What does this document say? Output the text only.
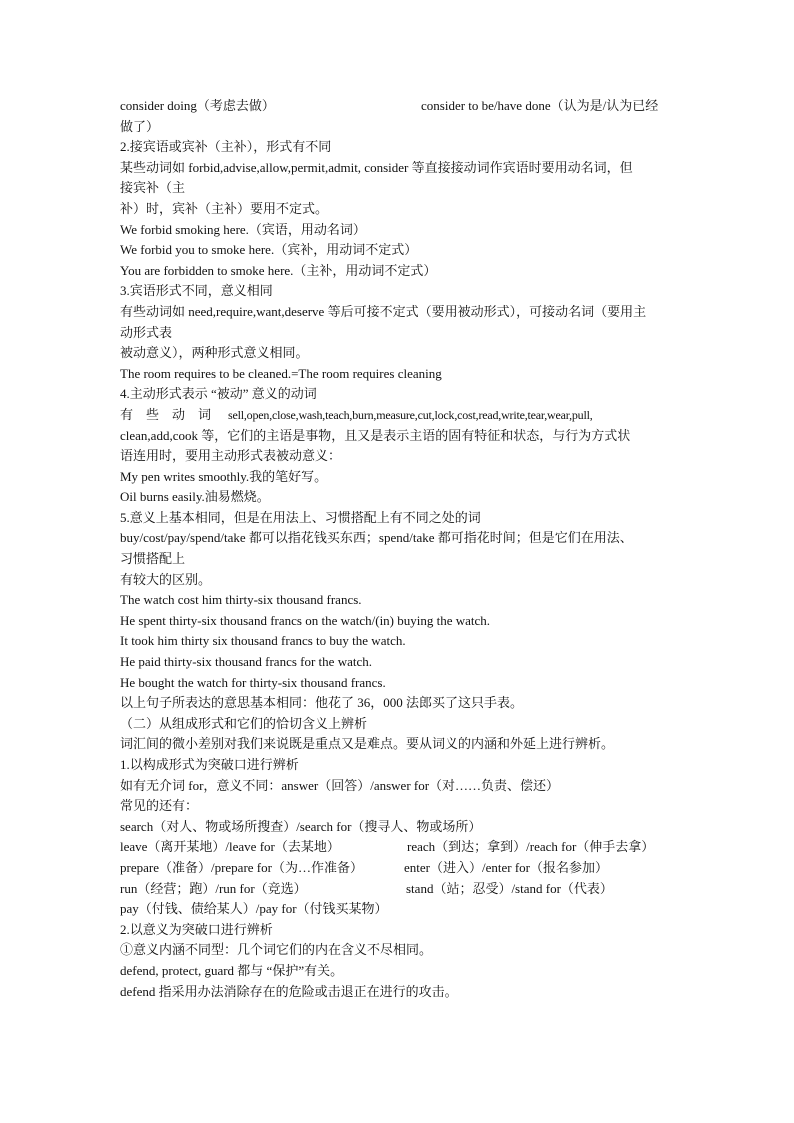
consider doing（考虑去做）	consider to be/have done（认为是/认为已经
做了）
2.接宾语或宾补（主补），形式有不同
某些动词如 forbid,advise,allow,permit,admit, consider 等直接接动词作宾语时要用动名词，但
接宾补（主
补）时，宾补（主补）要用不定式。
We forbid smoking here.（宾语，用动名词）
We forbid you to smoke here.（宾补，用动词不定式）
You are forbidden to smoke here.（主补，用动词不定式）
3.宾语形式不同，意义相同
有些动词如 need,require,want,deserve 等后可接不定式（要用被动形式），可接动名词（要用主
动形式表
被动意义），两种形式意义相同。
The room requires to be cleaned.=The room requires cleaning
4.主动形式表示 “被动” 意义的动词
有　些　动　词	sell,open,close,wash,teach,burn,measure,cut,lock,cost,read,write,tear,wear,pull,
clean,add,cook 等，它们的主语是事物，且又是表示主语的固有特征和状态，与行为方式状
语连用时，要用主动形式表被动意义：
My pen writes smoothly.我的笔好写。
Oil burns easily.油易燃烧。
5.意义上基本相同，但是在用法上、习惯搭配上有不同之处的词
buy/cost/pay/spend/take 都可以指花钱买东西；spend/take 都可指花时间；但是它们在用法、
习惯搭配上
有较大的区别。
The watch cost him thirty-six thousand francs.
He spent thirty-six thousand francs on the watch/(in) buying the watch.
It took him thirty six thousand francs to buy the watch.
He paid thirty-six thousand francs for the watch.
He bought the watch for thirty-six thousand francs.
以上句子所表达的意思基本相同：他花了 36，000 法郎买了这只手表。
（二）从组成形式和它们的恰切含义上辨析
词汇间的微小差别对我们来说既是重点又是难点。要从词义的内涵和外延上进行辨析。
1.以构成形式为突破口进行辨析
如有无介词 for，意义不同：answer（回答）/answer for（对……负责、偿还）
常见的还有：
search（对人、物或场所搜查）/search for（搜寻人、物或场所）
leave（离开某地）/leave for（去某地）	reach（到达；拿到）/reach for（伸手去拿）
prepare（准备）/prepare for（为…作准备）	enter（进入）/enter for（报名参加）
run（经营；跑）/run for（竞选）	stand（站；忍受）/stand for（代表）
pay（付钱、债给某人）/pay for（付钱买某物）
2.以意义为突破口进行辨析
①意义内涵不同型：几个词它们的内在含义不尽相同。
defend, protect, guard 都与 “保护”有关。
defend 指采用办法消除存在的危险或击退正在进行的攻击。
